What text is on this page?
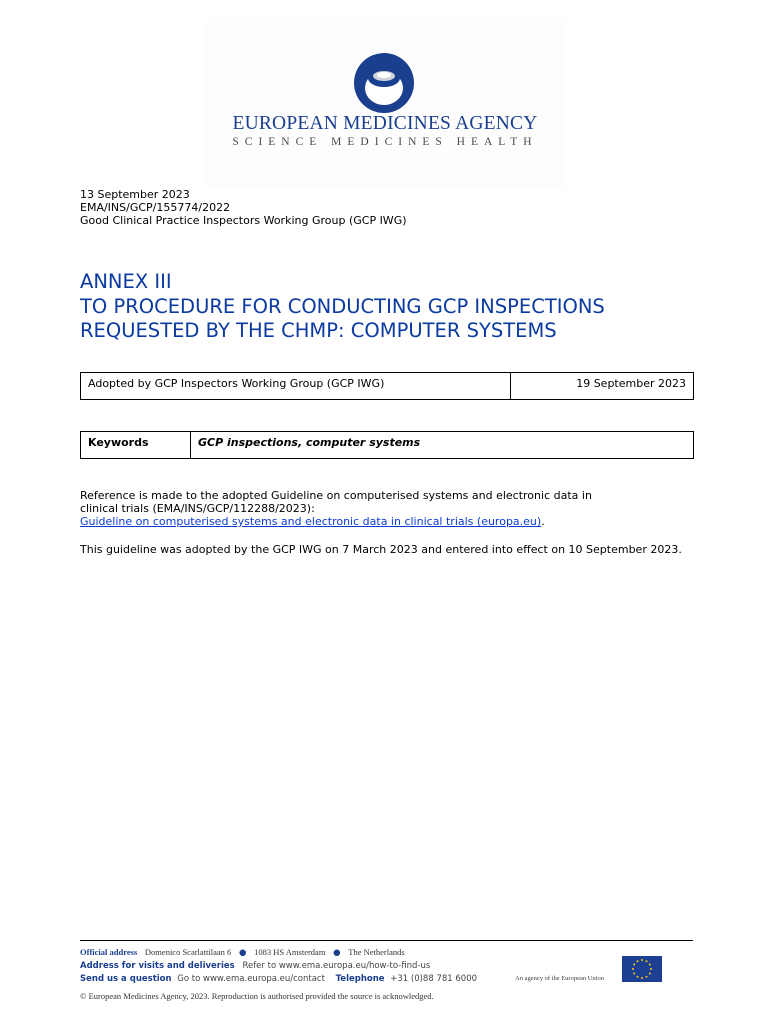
EUROPEAN MEDICINES AGENCY
SCIENCE MEDICINES HEALTH
13 September 2023
EMA/INS/GCP/155774/2022
Good Clinical Practice Inspectors Working Group (GCP IWG)
ANNEX III
TO PROCEDURE FOR CONDUCTING GCP INSPECTIONS
REQUESTED BY THE CHMP: COMPUTER SYSTEMS
Adopted by GCP Inspectors Working Group (GCP IWG)	19 September 2023
Keywords	GCP inspections, computer systems
Reference is made to the adopted Guideline on computerised systems and electronic data in
clinical trials (EMA/INS/GCP/112288/2023):
Guideline on computerised systems and electronic data in clinical trials (europa.eu).
This guideline was adopted by the GCP IWG on 7 March 2023 and entered into effect on 10 September 2023.
Official address Domenico Scarlattilaan 6 ● 1083 HS Amsterdam ● The Netherlands
Address for visits and deliveries Refer to www.ema.europa.eu/how-to-find-us
Send us a question Go to www.ema.europa.eu/contact Telephone +31 (0)88 781 6000	An agency of the European Union
© European Medicines Agency, 2023. Reproduction is authorised provided the source is acknowledged.
